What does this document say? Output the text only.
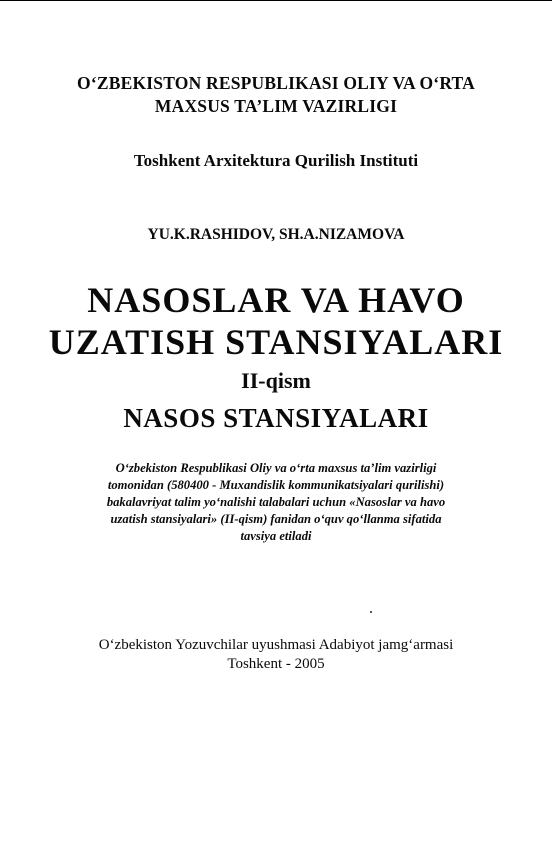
O‘ZBEKISTON RESPUBLIKASI OLIY VA O‘RTA
MAXSUS TA’LIM VAZIRLIGI
Toshkent Arxitektura Qurilish Instituti
YU.K.RASHIDOV, SH.A.NIZAMOVA
NASOSLAR VA HAVO
UZATISH STANSIYALARI
II-qism
NASOS STANSIYALARI
O‘zbekiston Respublikasi Oliy va o‘rta maxsus ta’lim vazirligi
tomonidan (580400 - Muxandislik kommunikatsiyalari qurilishi)
bakalavriyat talim yo‘nalishi talabalari uchun «Nasoslar va havo
uzatish stansiyalari» (II-qism) fanidan o‘quv qo‘llanma sifatida
tavsiya etiladi
O‘zbekiston Yozuvchilar uyushmasi Adabiyot jamg‘armasi
Toshkent - 2005
